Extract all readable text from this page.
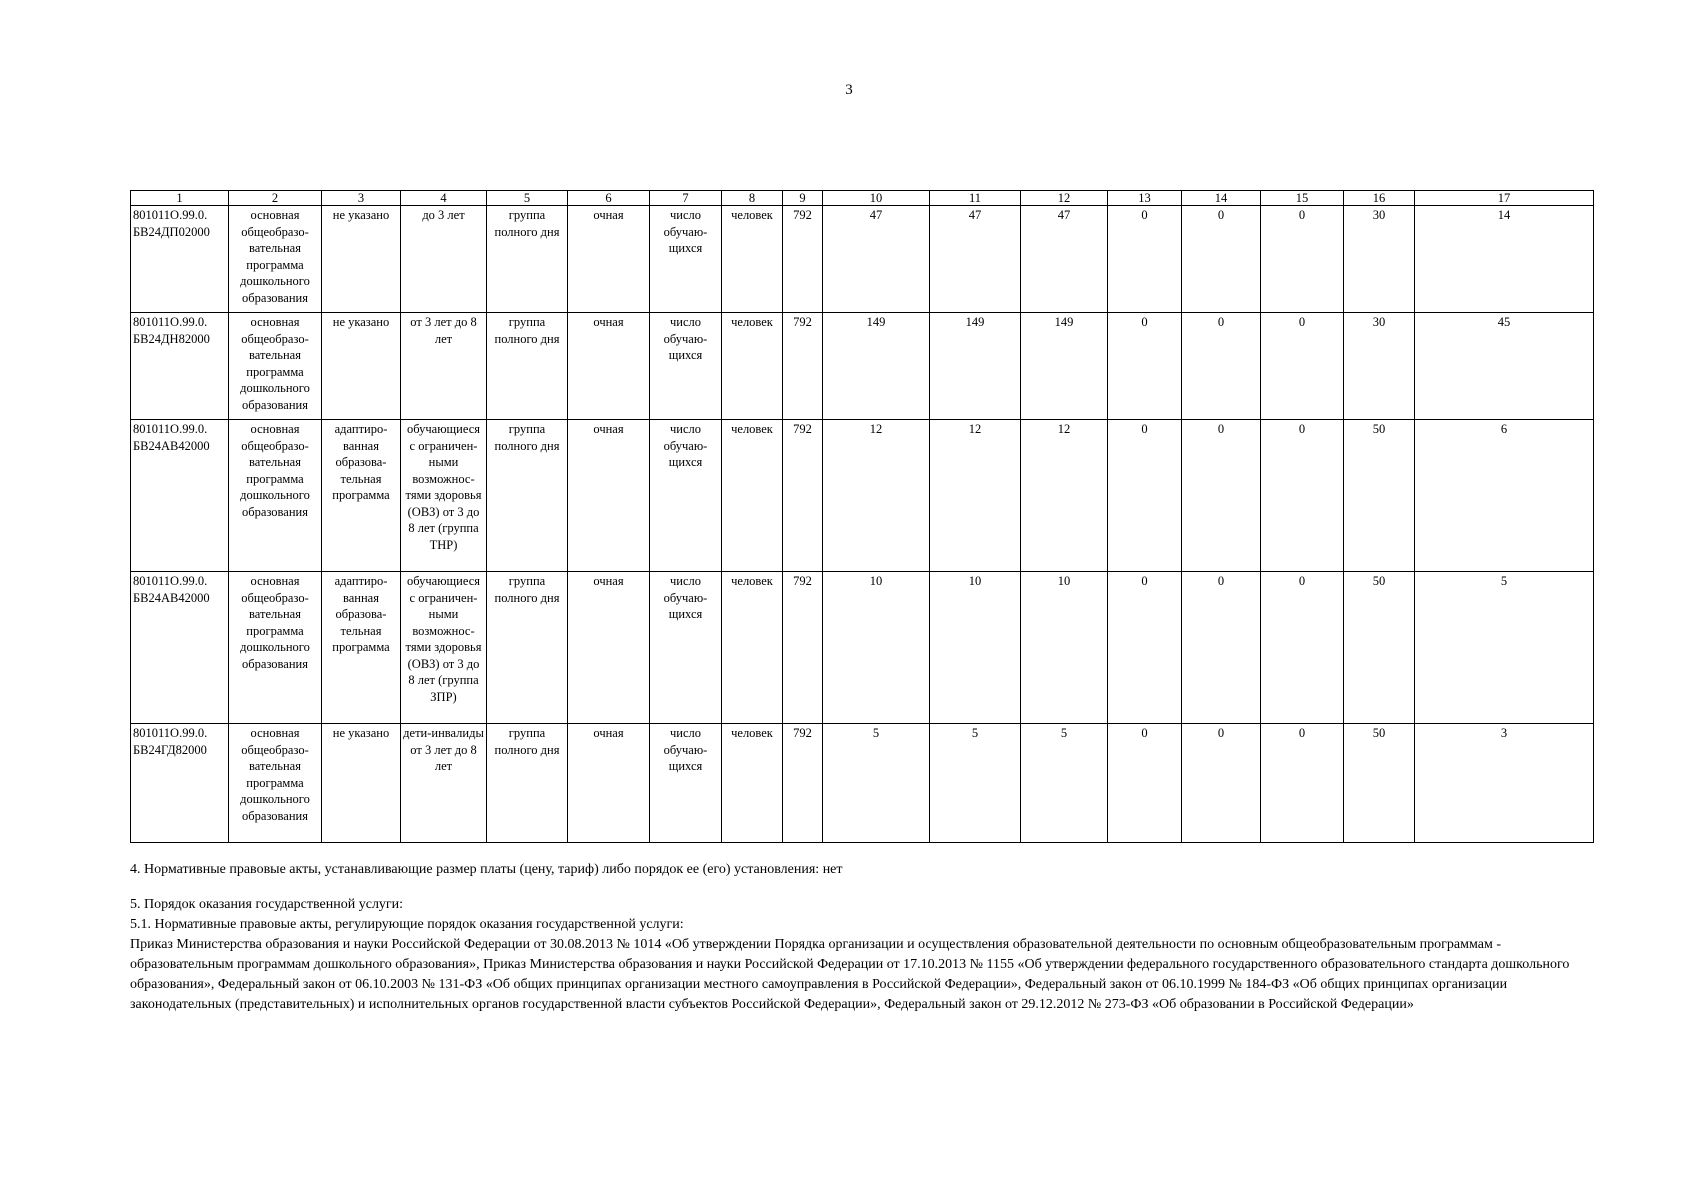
3
1	2	3	4	5	6	7	8	9	10	11	12	13	14	15	16	17
801011О.99.0. БВ24ДП02000	основная общеобразо-вательная программа дошкольного образования	не указано	до 3 лет	группа полного дня	очная	число обучаю-щихся	человек	792	47	47	47	0	0	0	30	14
801011О.99.0. БВ24ДН82000	основная общеобразо-вательная программа дошкольного образования	не указано	от 3 лет до 8 лет	группа полного дня	очная	число обучаю-щихся	человек	792	149	149	149	0	0	0	30	45
801011О.99.0. БВ24АВ42000	основная общеобразо-вательная программа дошкольного образования	адаптиро-ванная образова-тельная программа	обучающиеся с ограничен-ными возможнос-тями здоровья (ОВЗ) от 3 до 8 лет (группа ТНР)	группа полного дня	очная	число обучаю-щихся	человек	792	12	12	12	0	0	0	50	6
801011О.99.0. БВ24АВ42000	основная общеобразо-вательная программа дошкольного образования	адаптиро-ванная образова-тельная программа	обучающиеся с ограничен-ными возможнос-тями здоровья (ОВЗ) от 3 до 8 лет (группа ЗПР)	группа полного дня	очная	число обучаю-щихся	человек	792	10	10	10	0	0	0	50	5
801011О.99.0. БВ24ГД82000	основная общеобразо-вательная программа дошкольного образования	не указано	дети-инвалиды от 3 лет до 8 лет	группа полного дня	очная	число обучаю-щихся	человек	792	5	5	5	0	0	0	50	3
4. Нормативные правовые акты, устанавливающие размер платы (цену, тариф) либо порядок ее (его) установления: нет

5. Порядок оказания государственной услуги:

5.1. Нормативные правовые акты, регулирующие порядок оказания государственной услуги:

Приказ Министерства образования и науки Российской Федерации от 30.08.2013 № 1014 «Об утверждении Порядка организации и осуществления образовательной деятельности по основным общеобразовательным программам - образовательным программам дошкольного образования», Приказ Министерства образования и науки Российской Федерации от 17.10.2013 № 1155 «Об утверждении федерального государственного образовательного стандарта дошкольного образования», Федеральный закон от 06.10.2003 № 131-ФЗ «Об общих принципах организации местного самоуправления в Российской Федерации», Федеральный закон от 06.10.1999 № 184-ФЗ «Об общих принципах организации законодательных (представительных) и исполнительных органов государственной власти субъектов Российской Федерации», Федеральный закон от 29.12.2012 № 273-ФЗ «Об образовании в Российской Федерации»
